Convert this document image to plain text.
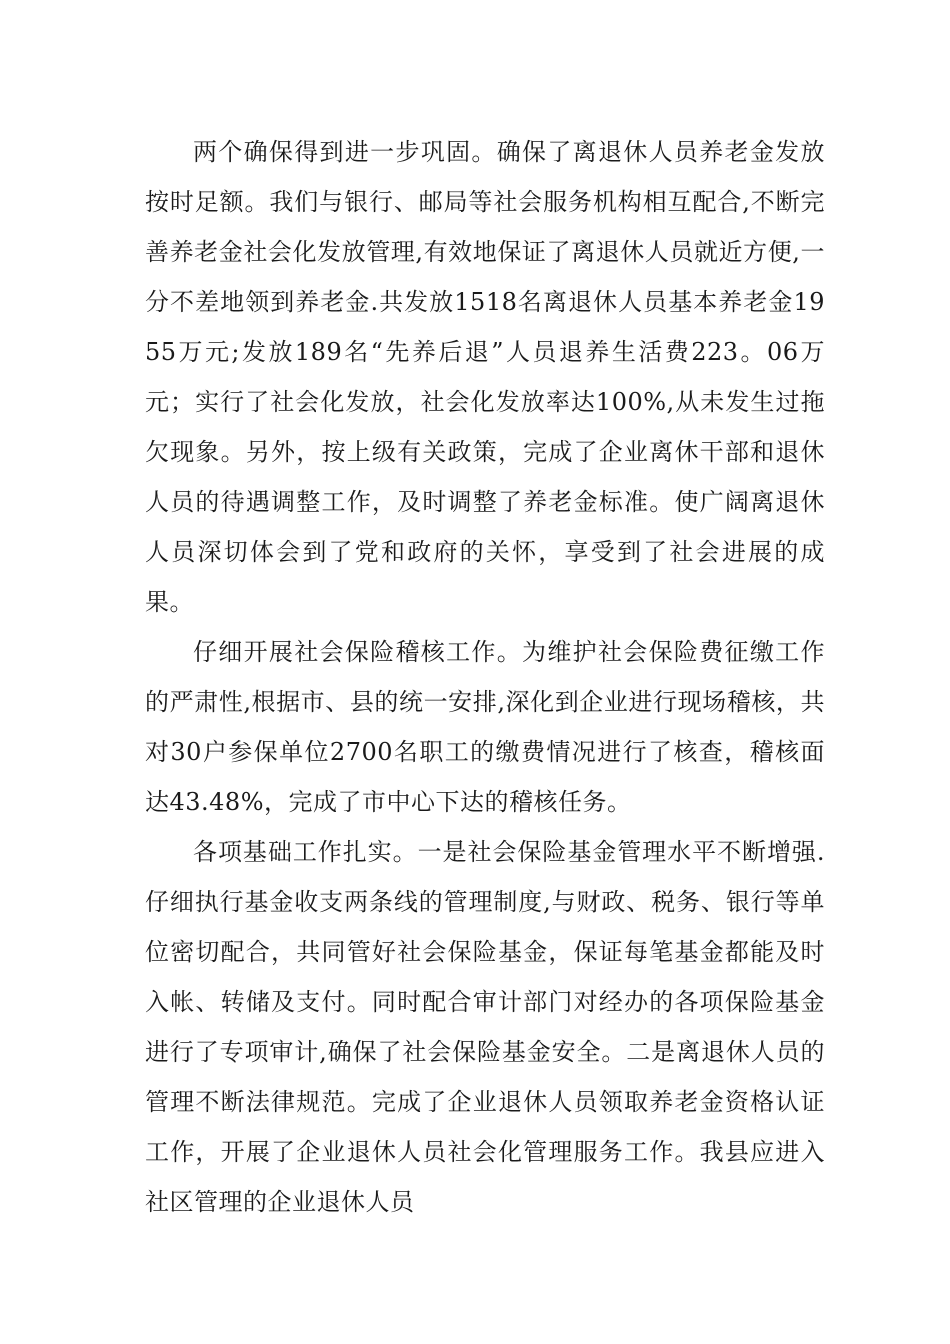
两个确保得到进一步巩固。确保了离退休人员养老金发放按时足额。我们与银行、邮局等社会服务机构相互配合,不断完善养老金社会化发放管理,有效地保证了离退休人员就近方便,一分不差地领到养老金.共发放1518名离退休人员基本养老金1955万元;发放189名“先养后退”人员退养生活费223。06万元；实行了社会化发放，社会化发放率达100%,从未发生过拖欠现象。另外，按上级有关政策，完成了企业离休干部和退休人员的待遇调整工作，及时调整了养老金标准。使广阔离退休人员深切体会到了党和政府的关怀，享受到了社会进展的成果。

仔细开展社会保险稽核工作。为维护社会保险费征缴工作的严肃性,根据市、县的统一安排,深化到企业进行现场稽核，共对30户参保单位2700名职工的缴费情况进行了核查，稽核面达43.48%，完成了市中心下达的稽核任务。

各项基础工作扎实。一是社会保险基金管理水平不断增强.仔细执行基金收支两条线的管理制度,与财政、税务、银行等单位密切配合，共同管好社会保险基金，保证每笔基金都能及时入帐、转储及支付。同时配合审计部门对经办的各项保险基金进行了专项审计,确保了社会保险基金安全。二是离退休人员的管理不断法律规范。完成了企业退休人员领取养老金资格认证工作，开展了企业退休人员社会化管理服务工作。我县应进入社区管理的企业退休人员
